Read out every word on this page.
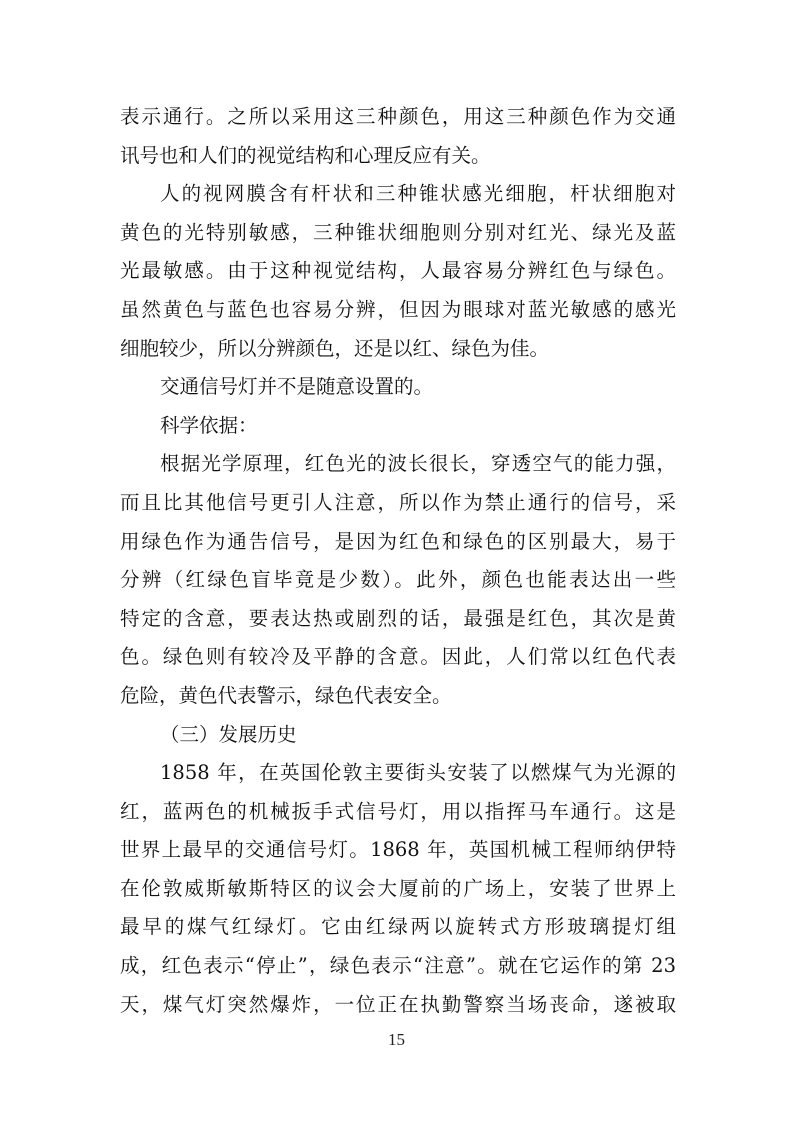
表示通行。之所以采用这三种颜色，用这三种颜色作为交通
讯号也和人们的视觉结构和心理反应有关。
人的视网膜含有杆状和三种锥状感光细胞，杆状细胞对
黄色的光特别敏感，三种锥状细胞则分别对红光、绿光及蓝
光最敏感。由于这种视觉结构，人最容易分辨红色与绿色。
虽然黄色与蓝色也容易分辨，但因为眼球对蓝光敏感的感光
细胞较少，所以分辨颜色，还是以红、绿色为佳。
交通信号灯并不是随意设置的。
科学依据：
根据光学原理，红色光的波长很长，穿透空气的能力强，
而且比其他信号更引人注意，所以作为禁止通行的信号，采
用绿色作为通告信号，是因为红色和绿色的区别最大，易于
分辨（红绿色盲毕竟是少数）。此外，颜色也能表达出一些
特定的含意，要表达热或剧烈的话，最强是红色，其次是黄
色。绿色则有较冷及平静的含意。因此，人们常以红色代表
危险，黄色代表警示，绿色代表安全。
（三）发展历史
1858 年，在英国伦敦主要街头安装了以燃煤气为光源的
红，蓝两色的机械扳手式信号灯，用以指挥马车通行。这是
世界上最早的交通信号灯。1868 年，英国机械工程师纳伊特
在伦敦威斯敏斯特区的议会大厦前的广场上，安装了世界上
最早的煤气红绿灯。它由红绿两以旋转式方形玻璃提灯组
成，红色表示“停止”，绿色表示“注意”。就在它运作的第 23
天，煤气灯突然爆炸，一位正在执勤警察当场丧命，遂被取
15
